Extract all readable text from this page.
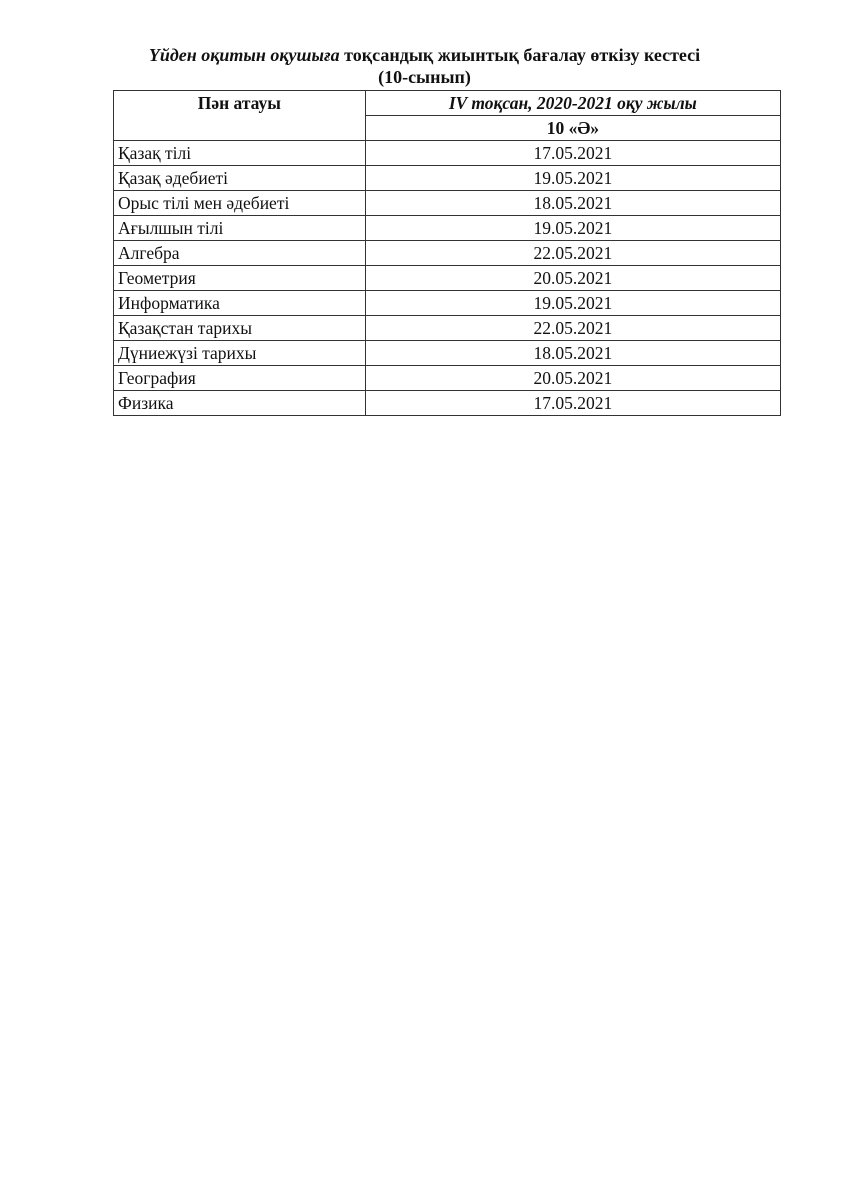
Үйден оқитын оқушыға тоқсандық жиынтық бағалау өткізу кестесі
(10-сынып)
Пән атауы	IV тоқсан, 2020-2021 оқу жылы
	10 «Ә»
Қазақ тілі	17.05.2021
Қазақ әдебиеті	19.05.2021
Орыс тілі мен әдебиеті	18.05.2021
Ағылшын тілі	19.05.2021
Алгебра	22.05.2021
Геометрия	20.05.2021
Информатика	19.05.2021
Қазақстан тарихы	22.05.2021
Дүниежүзі тарихы	18.05.2021
География	20.05.2021
Физика	17.05.2021
